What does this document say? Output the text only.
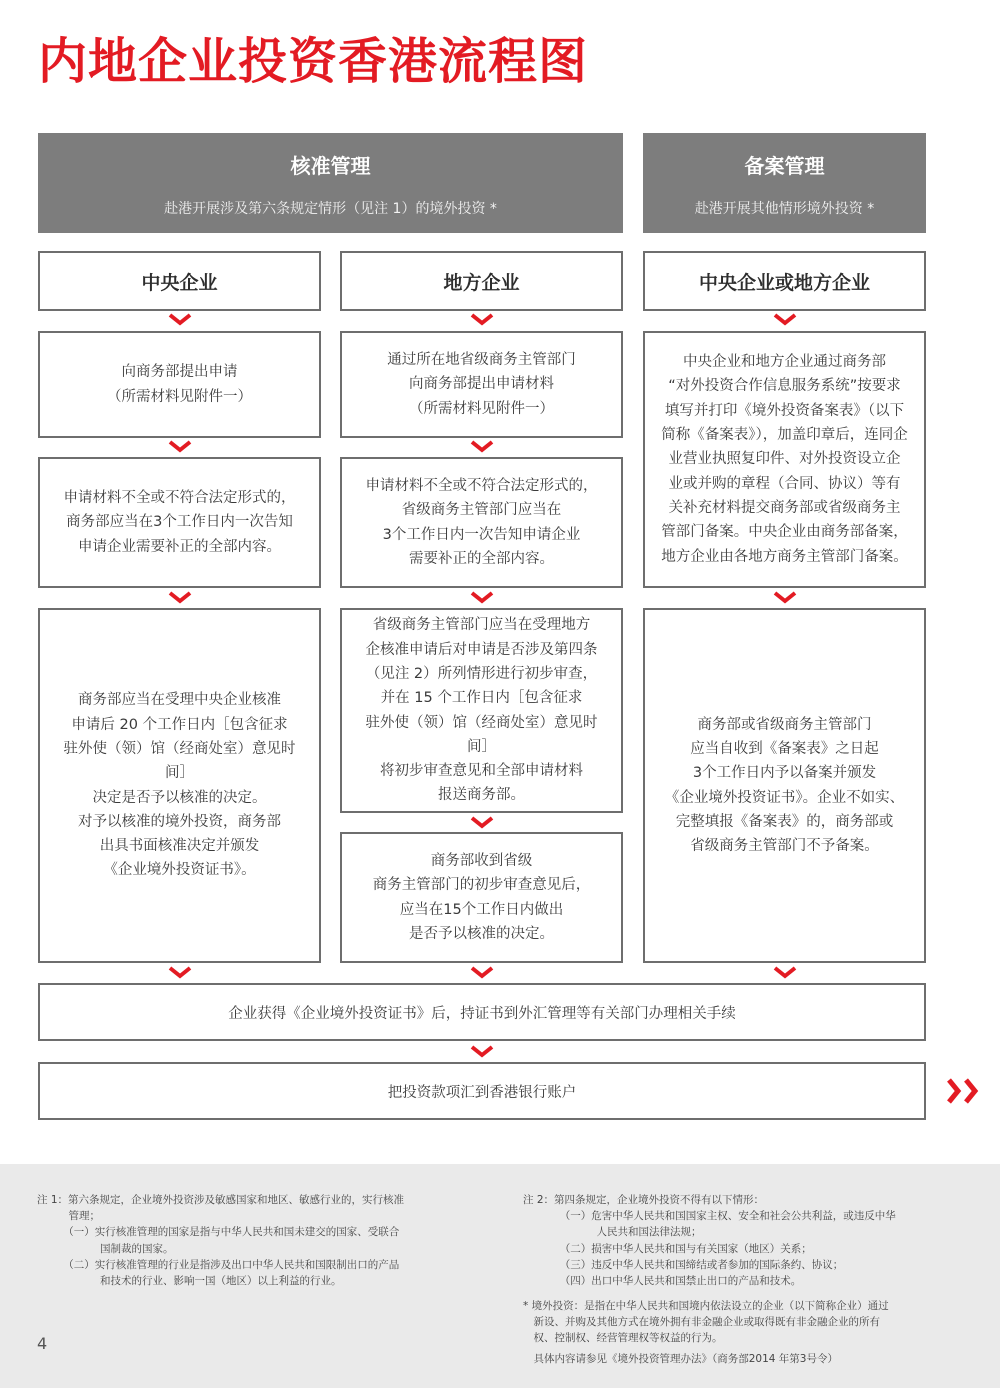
内地企业投资香港流程图
核准管理
赴港开展涉及第六条规定情形（见注 1）的境外投资 *
备案管理
赴港开展其他情形境外投资 *
中央企业	地方企业	中央企业或地方企业
向商务部提出申请
（所需材料见附件一）
申请材料不全或不符合法定形式的，
商务部应当在3个工作日内一次告知
申请企业需要补正的全部内容。
商务部应当在受理中央企业核准
申请后 20 个工作日内［包含征求
驻外使（领）馆（经商处室）意见时间］
决定是否予以核准的决定。
对予以核准的境外投资，商务部
出具书面核准决定并颁发
《企业境外投资证书》。
通过所在地省级商务主管部门
向商务部提出申请材料
（所需材料见附件一）
申请材料不全或不符合法定形式的，
省级商务主管部门应当在
3个工作日内一次告知申请企业
需要补正的全部内容。
省级商务主管部门应当在受理地方
企核准申请后对申请是否涉及第四条
（见注 2）所列情形进行初步审查，
并在 15 个工作日内［包含征求
驻外使（领）馆（经商处室）意见时间］
将初步审查意见和全部申请材料
报送商务部。
商务部收到省级
商务主管部门的初步审查意见后，
应当在15个工作日内做出
是否予以核准的决定。
中央企业和地方企业通过商务部
“对外投资合作信息服务系统”按要求
填写并打印《境外投资备案表》（以下
简称《备案表》），加盖印章后，连同企
业营业执照复印件、对外投资设立企
业或并购的章程（合同、协议）等有
关补充材料提交商务部或省级商务主
管部门备案。中央企业由商务部备案，
地方企业由各地方商务主管部门备案。
商务部或省级商务主管部门
应当自收到《备案表》之日起
3个工作日内予以备案并颁发
《企业境外投资证书》。企业不如实、
完整填报《备案表》的，商务部或
省级商务主管部门不予备案。
企业获得《企业境外投资证书》后，持证书到外汇管理等有关部门办理相关手续
把投资款项汇到香港银行账户
注 1：第六条规定，企业境外投资涉及敏感国家和地区、敏感行业的，实行核准
　　　管理；
　　　（一）实行核准管理的国家是指与中华人民共和国未建交的国家、受联合
　　　　　　国制裁的国家。
　　　（二）实行核准管理的行业是指涉及出口中华人民共和国限制出口的产品
　　　　　　和技术的行业、影响一国（地区）以上利益的行业。
注 2：第四条规定，企业境外投资不得有以下情形：
　　　　（一）危害中华人民共和国国家主权、安全和社会公共利益，或违反中华
　　　　　　　人民共和国法律法规；
　　　　（二）损害中华人民共和国与有关国家（地区）关系；
　　　　（三）违反中华人民共和国缔结或者参加的国际条约、协议；
　　　　（四）出口中华人民共和国禁止出口的产品和技术。
* 境外投资：是指在中华人民共和国境内依法设立的企业（以下简称企业）通过
　新设、并购及其他方式在境外拥有非金融企业或取得既有非金融企业的所有
　权、控制权、经营管理权等权益的行为。
　具体内容请参见《境外投资管理办法》（商务部2014 年第3号令）
4
